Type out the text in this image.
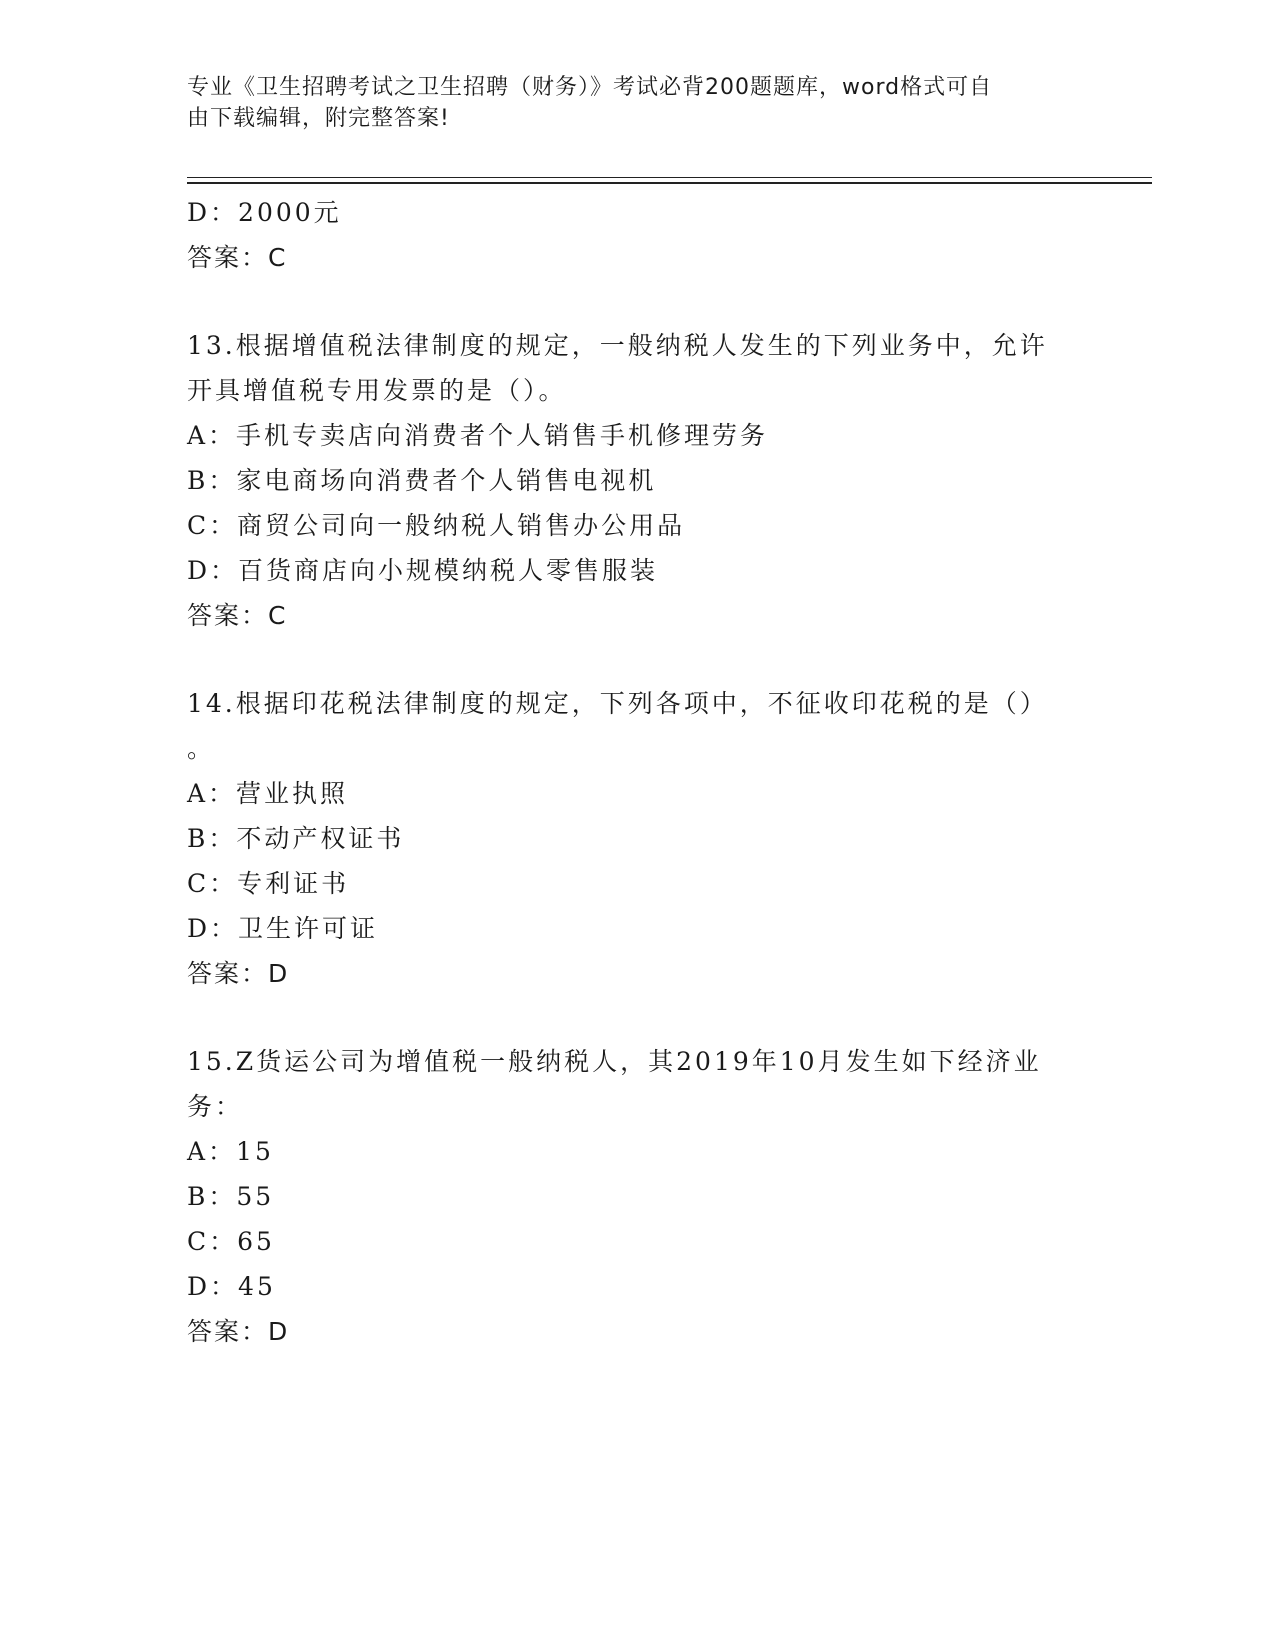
专业《卫生招聘考试之卫生招聘（财务）》考试必背200题题库，word格式可自
由下载编辑，附完整答案!
D：2000元
答案：C
13.根据增值税法律制度的规定，一般纳税人发生的下列业务中，允许
开具增值税专用发票的是（）。
A：手机专卖店向消费者个人销售手机修理劳务
B：家电商场向消费者个人销售电视机
C：商贸公司向一般纳税人销售办公用品
D：百货商店向小规模纳税人零售服装
答案：C
14.根据印花税法律制度的规定，下列各项中，不征收印花税的是（）
。
A：营业执照
B：不动产权证书
C：专利证书
D：卫生许可证
答案：D
15.Z货运公司为增值税一般纳税人，其2019年10月发生如下经济业
务：
A：15
B：55
C：65
D：45
答案：D
